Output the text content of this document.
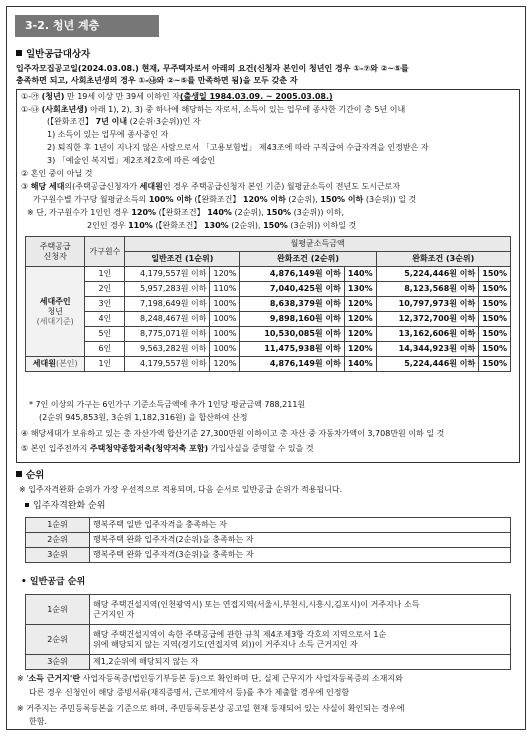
3-2. 청년 계층
일반공급대상자
입주자모집공고일(2024.03.08.) 현재, 무주택자로서 아래의 요건(신청자 본인이 청년인 경우 ①-⑦와 ②~⑤를
충족하면 되고, 사회초년생의 경우 ①-㉯와 ②~⑤를 만족하면 됨)을 모두 갖춘 자
①-㉮ (청년) 만 19세 이상 만 39세 이하인 자(출생일 1984.03.09. ~ 2005.03.08.)
①-㉯ (사회초년생) 아래 1), 2), 3) 중 하나에 해당하는 자로서, 소득이 있는 업무에 종사한 기간이 총 5년 이내
(【완화조건】 7년 이내 (2순위·3순위))인 자
1) 소득이 있는 업무에 종사중인 자
2) 퇴직한 후 1년이 지나지 않은 사람으로서 「고용보험법」 제43조에 따라 구직급여 수급자격을 인정받은 자
3) 「예술인 복지법」제2조제2호에 따른 예술인
② 혼인 중이 아닐 것
③ 해당 세대의(주택공급신청자가 세대원인 경우 주택공급신청자 본인 기준) 월평균소득이 전년도 도시근로자
가구원수별 가구당 월평균소득의 100% 이하 (【완화조건】 120% 이하 (2순위), 150% 이하 (3순위)) 일 것
※ 단, 가구원수가 1인인 경우 120% (【완화조건】 140% (2순위), 150% (3순위)) 이하,
2인인 경우 110% (【완화조건】 130% (2순위), 150% (3순위)) 이하일 것
주택공급
신청자	가구원수	월평균소득금액					
		일반조건 (1순위)		완화조건 (2순위)		완화조건 (3순위)	

세대주인
청년
(세대기준)	1인	4,179,557원 이하	120%	4,876,149원 이하	140%	5,224,446원 이하	150%
	2인	5,957,283원 이하	110%	7,040,425원 이하	130%	8,123,568원 이하	150%
	3인	7,198,649원 이하	100%	8,638,379원 이하	120%	10,797,973원 이하	150%
	4인	8,248,467원 이하	100%	9,898,160원 이하	120%	12,372,700원 이하	150%
	5인	8,775,071원 이하	100%	10,530,085원 이하	120%	13,162,606원 이하	150%
	6인	9,563,282원 이하	100%	11,475,938원 이하	120%	14,344,923원 이하	150%
세대원(본인)	1인	4,179,557원 이하	120%	4,876,149원 이하	140%	5,224,446원 이하	150%
* 7인 이상의 가구는 6인가구 기준소득금액에 추가 1인당 평균금액 788,211원
(2순위 945,853원, 3순위 1,182,316원) 을 합산하여 산정
④ 해당세대가 보유하고 있는 총 자산가액 합산기준 27,300만원 이하이고 총 자산 중 자동차가액이 3,708만원 이하 일 것
⑤ 본인 입주전까지 주택청약종합저축(청약저축 포함) 가입사실을 증명할 수 있을 것
순위
※ 입주자격완화 순위가 가장 우선적으로 적용되며, 다음 순서로 일반공급 순위가 적용됩니다.
입주자격완화 순위
1순위	행복주택 일반 입주자격을 충족하는 자
2순위	행복주택 완화 입주자격(2순위)을 충족하는 자
3순위	행복주택 완화 입주자격(3순위)을 충족하는 자
• 일반공급 순위
1순위	해당 주택건설지역(인천광역시) 또는 연접지역(서울시,부천시,시흥시,김포시)이 거주지나 소득
근거지인 자

2순위	해당 주택건설지역이 속한 주택공급에 관한 규칙 제4조제3항 각호의 지역으로서 1순
위에 해당되지 않는 지역(경기도(연접지역 외))이 거주지나 소득 근거지인 자

3순위	제1,2순위에 해당되지 않는 자
※ '소득 근거지'란 사업자등록증(법인등기부등본 등)으로 확인하며 단, 실제 근무지가 사업자등록증의 소재지와
다른 경우 신청인이 해당 증빙서류(재직증명서, 근로계약서 등)를 추가 제출할 경우에 인정함
※ 거주지는 주민등록등본을 기준으로 하며, 주민등록등본상 공고일 현재 등재되어 있는 사실이 확인되는 경우에
한함.
